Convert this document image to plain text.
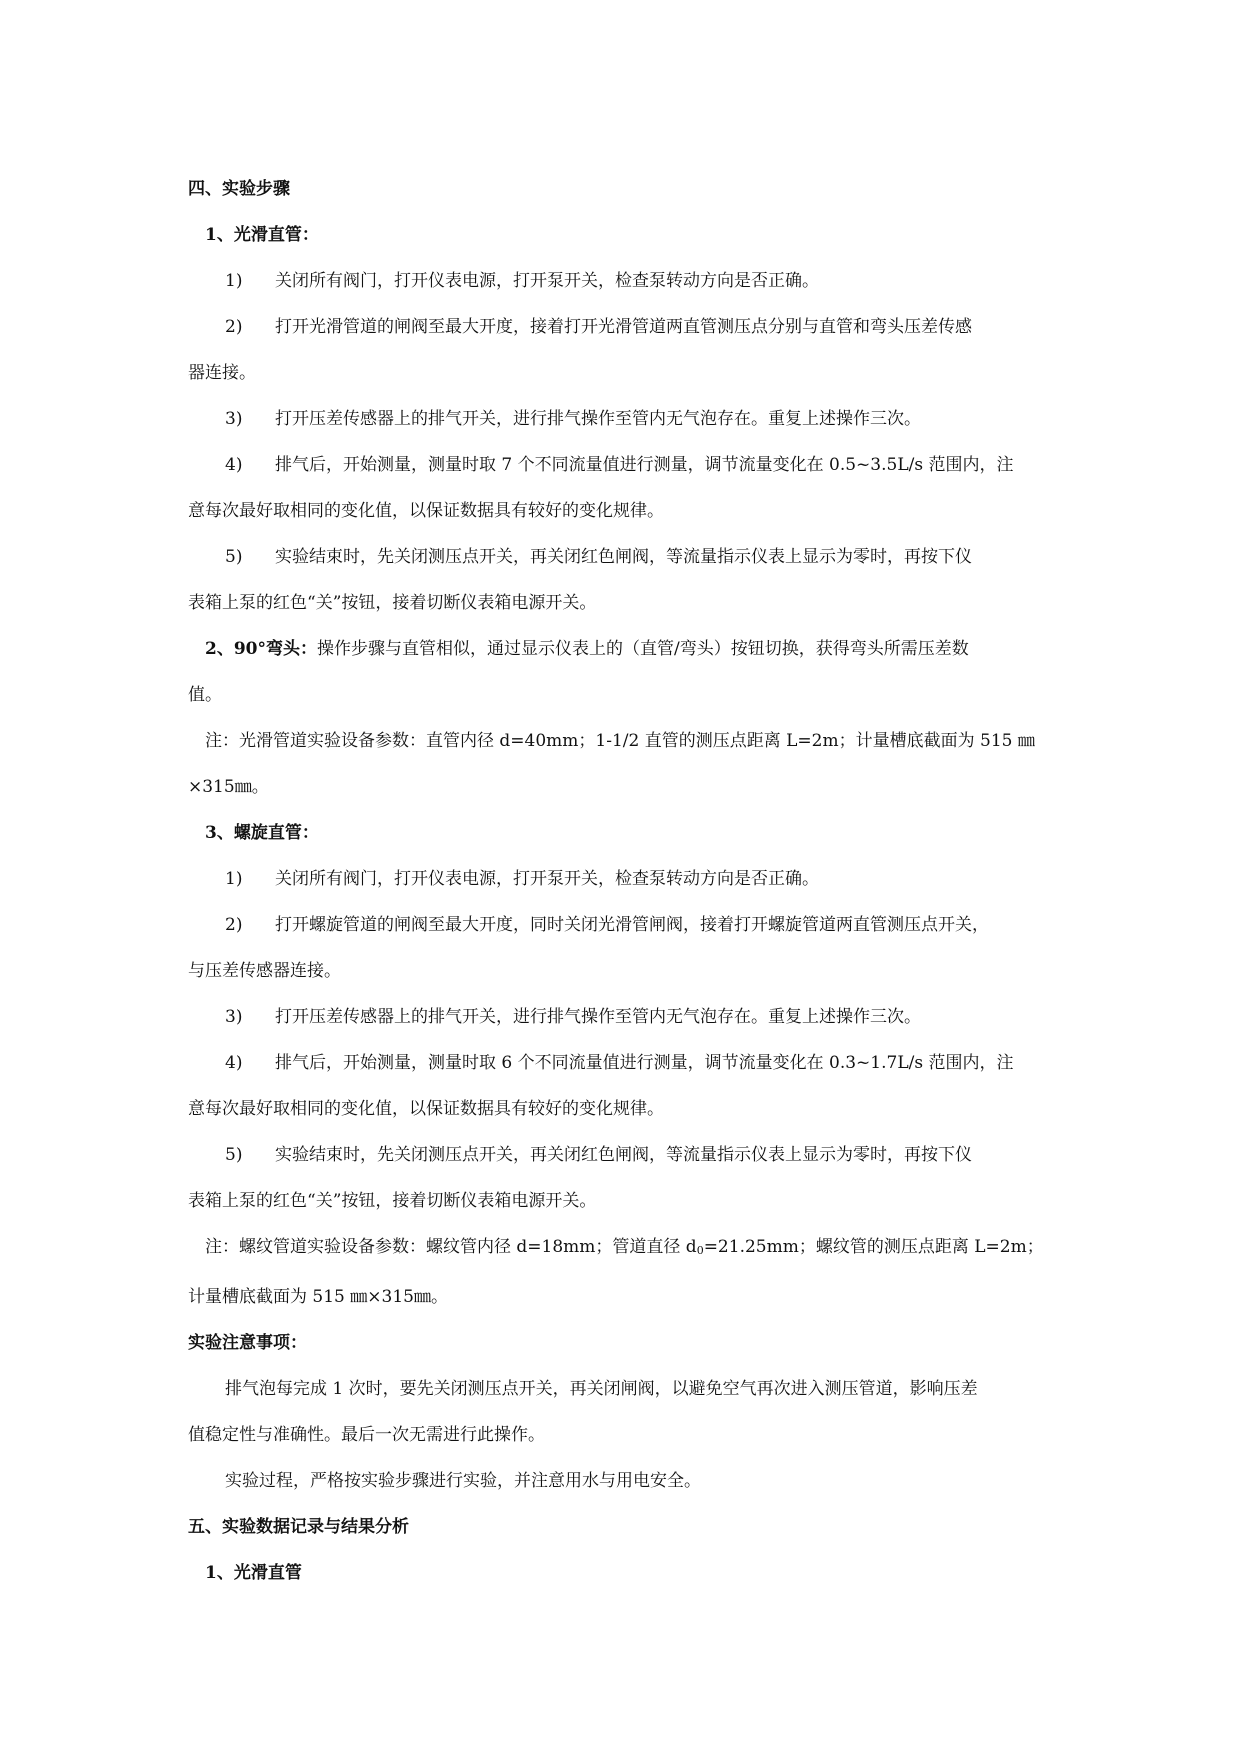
四、实验步骤
1、光滑直管：
1) 关闭所有阀门，打开仪表电源，打开泵开关，检查泵转动方向是否正确。
2) 打开光滑管道的闸阀至最大开度，接着打开光滑管道两直管测压点分别与直管和弯头压差传感
器连接。
3) 打开压差传感器上的排气开关，进行排气操作至管内无气泡存在。重复上述操作三次。
4) 排气后，开始测量，测量时取 7 个不同流量值进行测量，调节流量变化在 0.5~3.5L/s 范围内，注
意每次最好取相同的变化值，以保证数据具有较好的变化规律。
5) 实验结束时，先关闭测压点开关，再关闭红色闸阀，等流量指示仪表上显示为零时，再按下仪
表箱上泵的红色“关”按钮，接着切断仪表箱电源开关。
2、90°弯头：操作步骤与直管相似，通过显示仪表上的（直管/弯头）按钮切换，获得弯头所需压差数
值。
注：光滑管道实验设备参数：直管内径 d=40mm；1-1/2 直管的测压点距离 L=2m；计量槽底截面为 515 ㎜
×315㎜。
3、螺旋直管：
1) 关闭所有阀门，打开仪表电源，打开泵开关，检查泵转动方向是否正确。
2) 打开螺旋管道的闸阀至最大开度，同时关闭光滑管闸阀，接着打开螺旋管道两直管测压点开关，
与压差传感器连接。
3) 打开压差传感器上的排气开关，进行排气操作至管内无气泡存在。重复上述操作三次。
4) 排气后，开始测量，测量时取 6 个不同流量值进行测量，调节流量变化在 0.3~1.7L/s 范围内，注
意每次最好取相同的变化值，以保证数据具有较好的变化规律。
5) 实验结束时，先关闭测压点开关，再关闭红色闸阀，等流量指示仪表上显示为零时，再按下仪
表箱上泵的红色“关”按钮，接着切断仪表箱电源开关。
注：螺纹管道实验设备参数：螺纹管内径 d=18mm；管道直径 d0=21.25mm；螺纹管的测压点距离 L=2m；
计量槽底截面为 515 ㎜×315㎜。
实验注意事项：
排气泡每完成 1 次时，要先关闭测压点开关，再关闭闸阀，以避免空气再次进入测压管道，影响压差
值稳定性与准确性。最后一次无需进行此操作。
实验过程，严格按实验步骤进行实验，并注意用水与用电安全。
五、实验数据记录与结果分析
1、光滑直管
